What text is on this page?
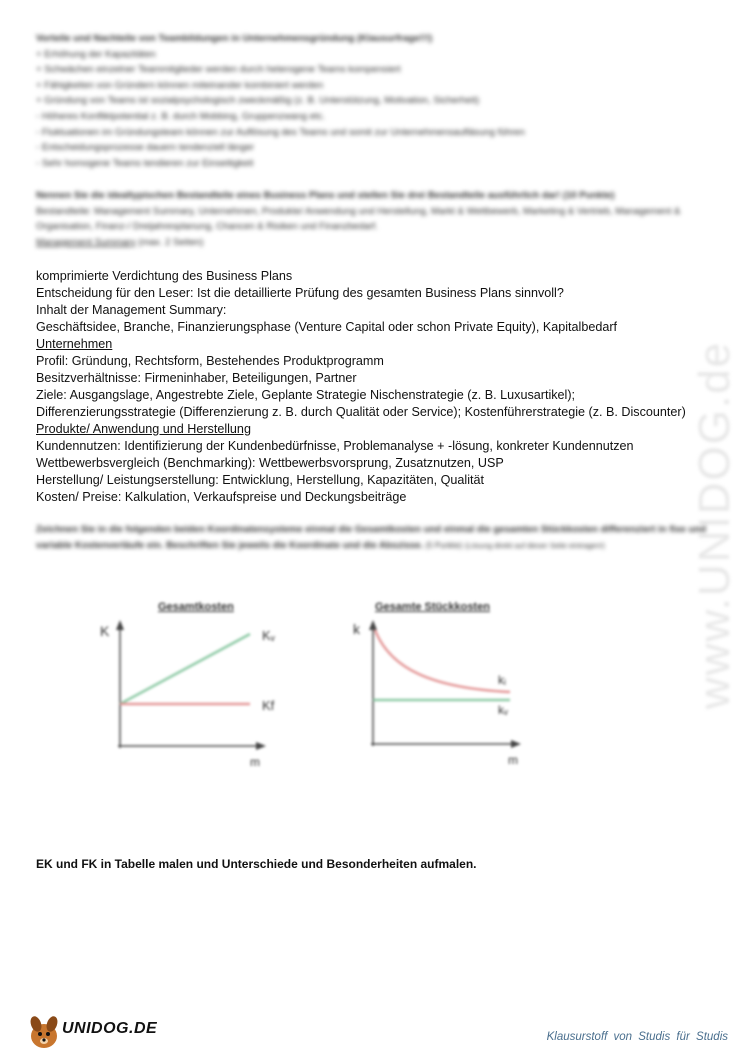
www.UNIDOG.de
Vorteile und Nachteile von Teambildungen in Unternehmensgründung (Klausurfrage!!!)
+ Erhöhung der Kapazitäten
+ Schwächen einzelner Teammitglieder werden durch heterogene Teams kompensiert
+ Fähigkeiten von Gründern können miteinander kombiniert werden
+ Gründung von Teams ist sozialpsychologisch zweckmäßig (z. B. Unterstützung, Motivation, Sicherheit)
- Höheres Konfliktpotential z. B. durch Mobbing, Gruppenzwang etc.
- Fluktuationen im Gründungsteam können zur Auflösung des Teams und somit zur Unternehmensaufläsung führen
- Entscheidungsprozesse dauern tendenziell länger
- Sehr homogene Teams tendieren zur Einseitigkeit
Nennen Sie die idealtypischen Bestandteile eines Business Plans und stellen Sie drei Bestandteile ausführlich dar! (10 Punkte)
Bestandteile: Management Summary, Unternehmen, Produkte/ Anwendung und Herstellung, Markt & Wettbewerb, Marketing & Vertrieb, Management & Organisation, Finanz-/ Dreijahresplanung, Chancen & Risiken und Finanzbedarf.
Management Summary (max. 2 Seiten)
komprimierte Verdichtung des Business Plans
Entscheidung für den Leser: Ist die detaillierte Prüfung des gesamten Business Plans sinnvoll?
Inhalt der Management Summary:
Geschäftsidee, Branche, Finanzierungsphase (Venture Capital oder schon Private Equity), Kapitalbedarf
Unternehmen
Profil: Gründung, Rechtsform, Bestehendes Produktprogramm
Besitzverhältnisse: Firmeninhaber, Beteiligungen, Partner
Ziele: Ausgangslage, Angestrebte Ziele, Geplante Strategie Nischenstrategie (z. B. Luxusartikel);
Differenzierungsstrategie (Differenzierung z. B. durch Qualität oder Service); Kostenführerstrategie (z. B. Discounter)
Produkte/ Anwendung und Herstellung
Kundennutzen: Identifizierung der Kundenbedürfnisse, Problemanalyse + -lösung, konkreter Kundennutzen
Wettbewerbsvergleich (Benchmarking): Wettbewerbsvorsprung, Zusatznutzen, USP
Herstellung/ Leistungserstellung: Entwicklung, Herstellung, Kapazitäten, Qualität
Kosten/ Preise: Kalkulation, Verkaufspreise und Deckungsbeiträge
Zeichnen Sie in die folgenden beiden Koordinatensysteme einmal die Gesamtkosten und einmal die gesamten Stückkosten differenziert in fixe und variable Kostenverläufe ein. Beschriften Sie jeweils die Koordinate und die Abszisse. (5 Punkte) (Lösung direkt auf dieser Seite eintragen!)
Gesamtkosten
K
m
Kᵥ
Kf
Gesamte Stückkosten
k
m
kᵢ
kᵥ
EK und FK in Tabelle malen und Unterschiede und Besonderheiten aufmalen.
UNIDOG.DE	Klausurstoff von Studis für Studis
